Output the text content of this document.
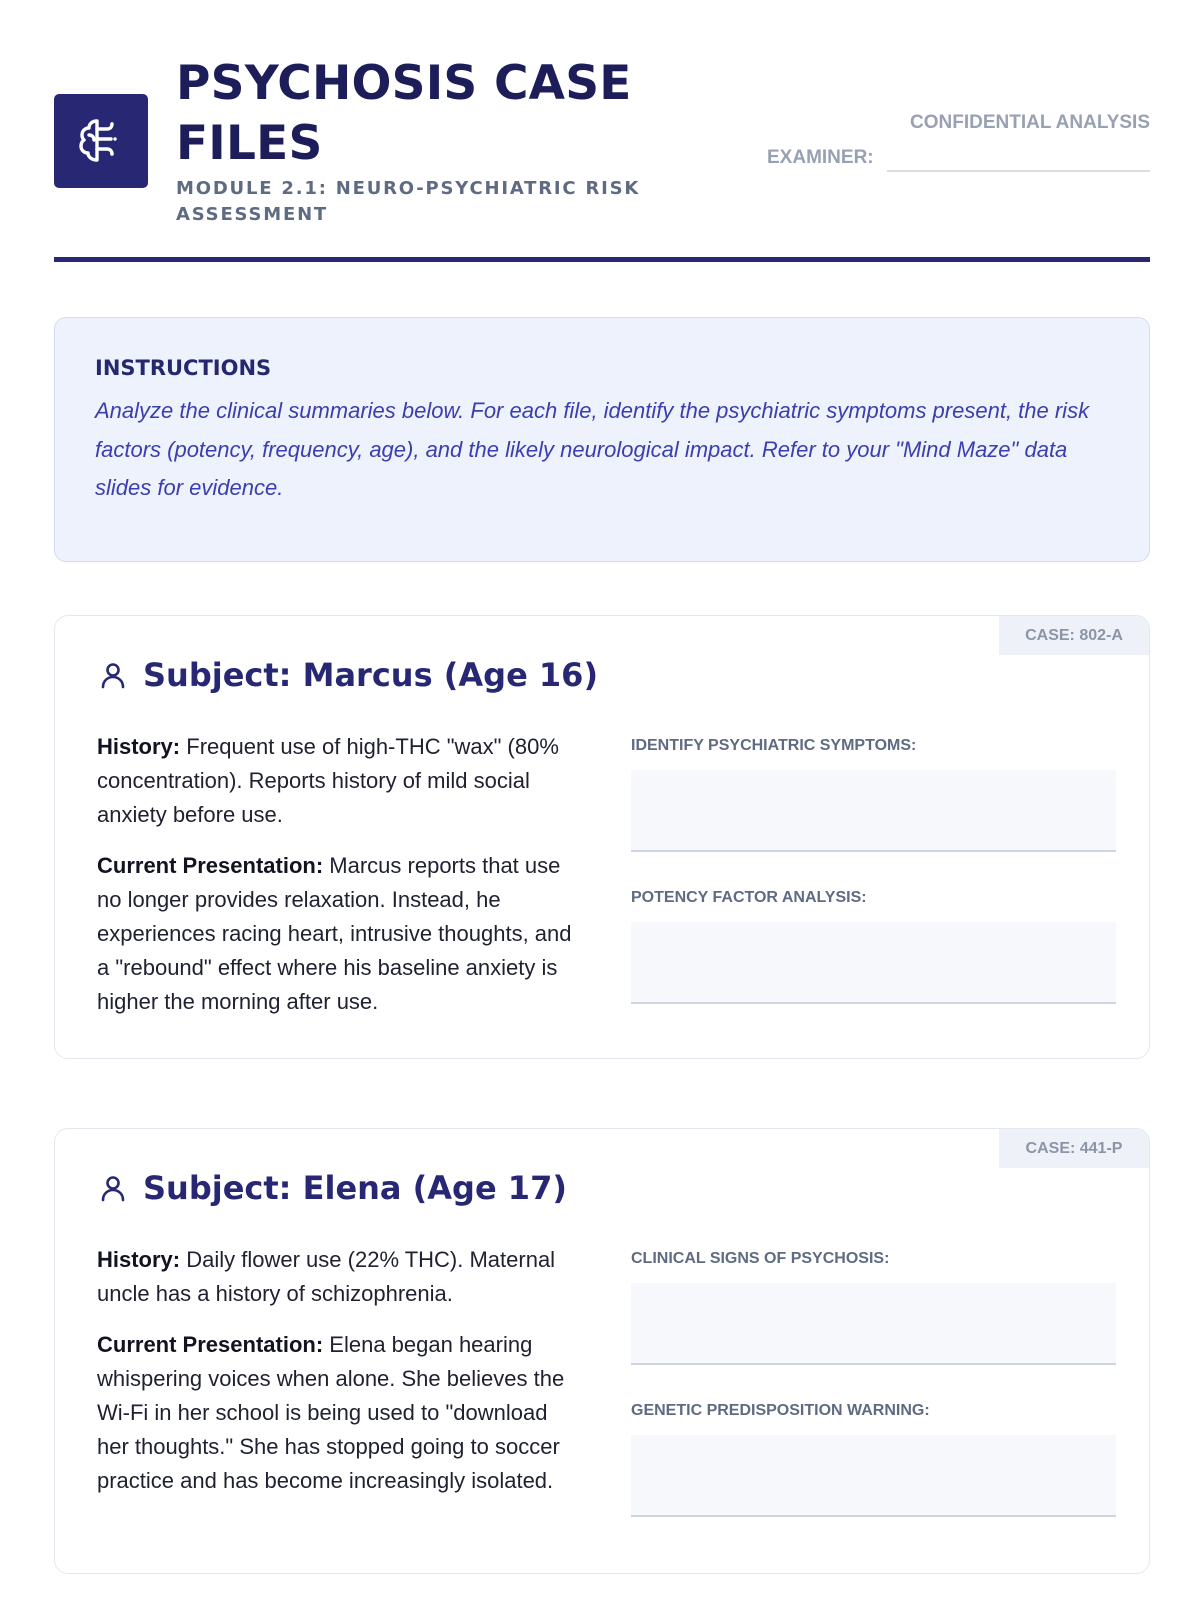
PSYCHOSIS CASE FILES
MODULE 2.1: NEURO-PSYCHIATRIC RISK ASSESSMENT
CONFIDENTIAL ANALYSIS
EXAMINER:
INSTRUCTIONS

Analyze the clinical summaries below. For each file, identify the psychiatric symptoms present, the risk factors (potency, frequency, age), and the likely neurological impact. Refer to your "Mind Maze" data slides for evidence.

CASE: 802-A
Subject: Marcus (Age 16)

History: Frequent use of high-THC "wax" (80% concentration). Reports history of mild social anxiety before use.

Current Presentation: Marcus reports that use no longer provides relaxation. Instead, he experiences racing heart, intrusive thoughts, and a "rebound" effect where his baseline anxiety is higher the morning after use.

IDENTIFY PSYCHIATRIC SYMPTOMS:
POTENCY FACTOR ANALYSIS:
CASE: 441-P
Subject: Elena (Age 17)

History: Daily flower use (22% THC). Maternal uncle has a history of schizophrenia.

Current Presentation: Elena began hearing whispering voices when alone. She believes the Wi-Fi in her school is being used to "download her thoughts." She has stopped going to soccer practice and has become increasingly isolated.

CLINICAL SIGNS OF PSYCHOSIS:
GENETIC PREDISPOSITION WARNING:
